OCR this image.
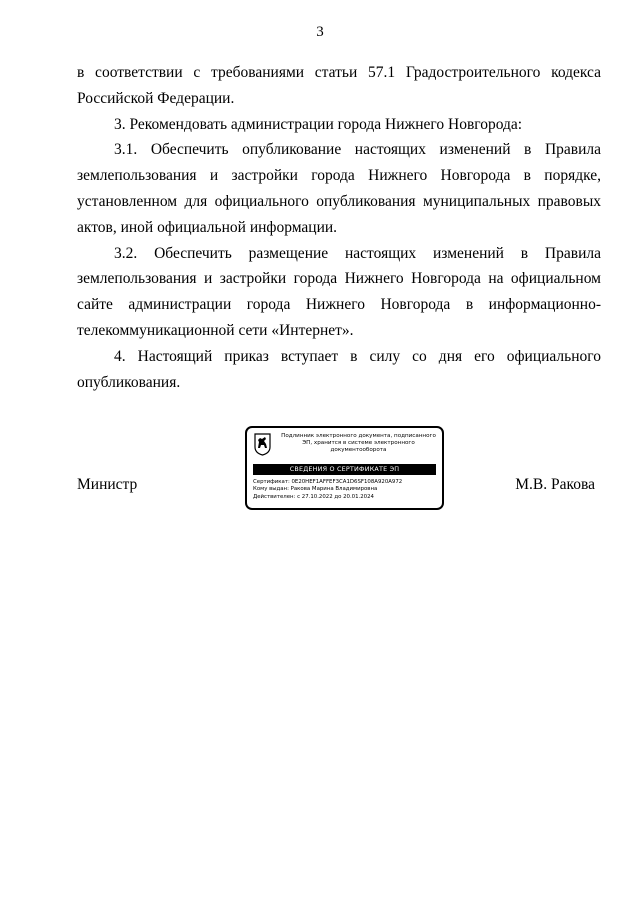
3

в соответствии с требованиями статьи 57.1 Градостроительного кодекса Российской Федерации.

3. Рекомендовать администрации города Нижнего Новгорода:

3.1. Обеспечить опубликование настоящих изменений в Правила землепользования и застройки города Нижнего Новгорода в порядке, установленном для официального опубликования муниципальных правовых актов, иной официальной информации.

3.2. Обеспечить размещение настоящих изменений в Правила землепользования и застройки города Нижнего Новгорода на официальном сайте администрации города Нижнего Новгорода в информационно-телекоммуникационной сети «Интернет».

4. Настоящий приказ вступает в силу со дня его официального опубликования.

Министр	М.В. Ракова
Подлинник электронного документа, подписанного ЭП, хранится в системе электронного документооборота
СВЕДЕНИЯ О СЕРТИФИКАТЕ ЭП
Сертификат: 0E20HEF1AFFEF3CA1D6SF108A920A972
Кому выдан: Ракова Марина Владимировна
Действителен: с 27.10.2022 до 20.01.2024
